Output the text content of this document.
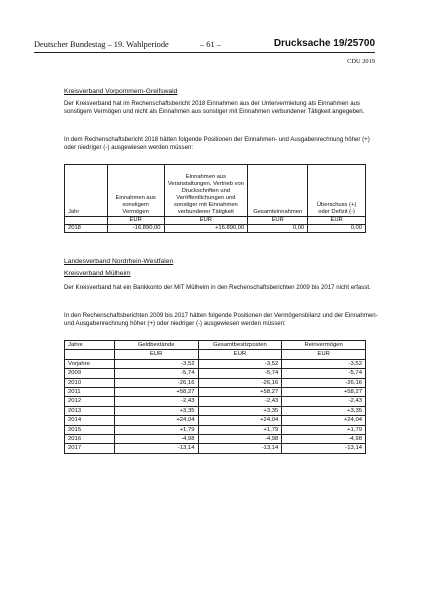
Deutscher Bundestag – 19. Wahlperiode	– 61 –	Drucksache 19/25700
CDU 2019
Kreisverband Vorpommern-Greifswald
Der Kreisverband hat im Rechenschaftsbericht 2018 Einnahmen aus der Untervermietung als Einnahmen aus sonstigem Vermögen und nicht als Einnahmen aus sonstiger mit Einnahmen verbundener Tätigkeit angegeben.
In dem Rechenschaftsbericht 2018 hätten folgende Positionen der Einnahmen- und Ausgabenrechnung höher (+) oder niedriger (-) ausgewiesen werden müssen:
Jahr	Einnahmen aus sonstigem Vermögen	Einnahmen aus Veranstaltungen, Vertrieb von Druckschriften und Veröffentlichungen und sonstiger mit Einnahmen verbundener Tätigkeit	Gesamteinnahmen	Überschuss (+) oder Defizit (-)
	EUR	EUR	EUR	EUR
2018	-16.890,00	+16.890,00	0,00	0,00
Landesverband Nordrhein-Westfalen
Kreisverband Mülheim
Der Kreisverband hat ein Bankkonto der MIT Mülheim in den Rechenschaftsberichten 2009 bis 2017 nicht erfasst.
In den Rechenschaftsberichten 2009 bis 2017 hätten folgende Positionen der Vermögensbilanz und der Einnahmen- und Ausgabenrechnung höher (+) oder niedriger (-) ausgewiesen werden müssen:
Jahre	Geldbestände	Gesamtbesitzposten	Reinvermögen
	EUR	EUR	EUR
Vorjahre	-3,52	-3,52	-3,52
2009	-5,74	-5,74	-5,74
2010	-26,16	-26,16	-26,16
2011	+58,27	+58,27	+58,27
2012	-2,43	-2,43	-2,43
2013	+3,35	+3,35	+3,35
2014	+24,04	+24,04	+24,04
2015	+1,79	+1,79	+1,79
2016	-4,98	-4,98	-4,98
2017	-13,14	-13,14	-13,14
